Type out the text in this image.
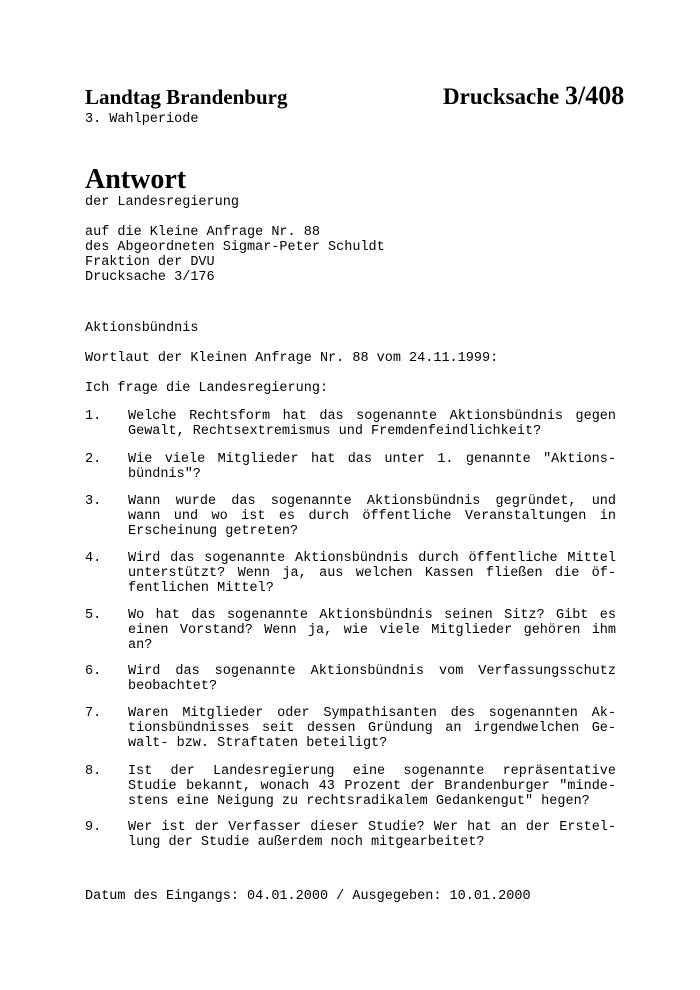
Landtag Brandenburg	Drucksache 3/408
3. Wahlperiode
Antwort
der Landesregierung
auf die Kleine Anfrage Nr. 88
des Abgeordneten Sigmar-Peter Schuldt
Fraktion der DVU
Drucksache 3/176
Aktionsbündnis
Wortlaut der Kleinen Anfrage Nr. 88 vom 24.11.1999:
Ich frage die Landesregierung:
1. Welche Rechtsform hat das sogenannte Aktionsbündnis gegen
Gewalt, Rechtsextremismus und Fremdenfeindlichkeit?
2. Wie viele Mitglieder hat das unter 1. genannte "Aktions-
bündnis"?
3. Wann wurde das sogenannte Aktionsbündnis gegründet, und
wann und wo ist es durch öffentliche Veranstaltungen in
Erscheinung getreten?
4. Wird das sogenannte Aktionsbündnis durch öffentliche Mittel
unterstützt? Wenn ja, aus welchen Kassen fließen die öf-
fentlichen Mittel?
5. Wo hat das sogenannte Aktionsbündnis seinen Sitz? Gibt es
einen Vorstand? Wenn ja, wie viele Mitglieder gehören ihm
an?
6. Wird das sogenannte Aktionsbündnis vom Verfassungsschutz
beobachtet?
7. Waren Mitglieder oder Sympathisanten des sogenannten Ak-
tionsbündnisses seit dessen Gründung an irgendwelchen Ge-
walt- bzw. Straftaten beteiligt?
8. Ist der Landesregierung eine sogenannte repräsentative
Studie bekannt, wonach 43 Prozent der Brandenburger "minde-
stens eine Neigung zu rechtsradikalem Gedankengut" hegen?
9. Wer ist der Verfasser dieser Studie? Wer hat an der Erstel-
lung der Studie außerdem noch mitgearbeitet?
Datum des Eingangs: 04.01.2000 / Ausgegeben: 10.01.2000
